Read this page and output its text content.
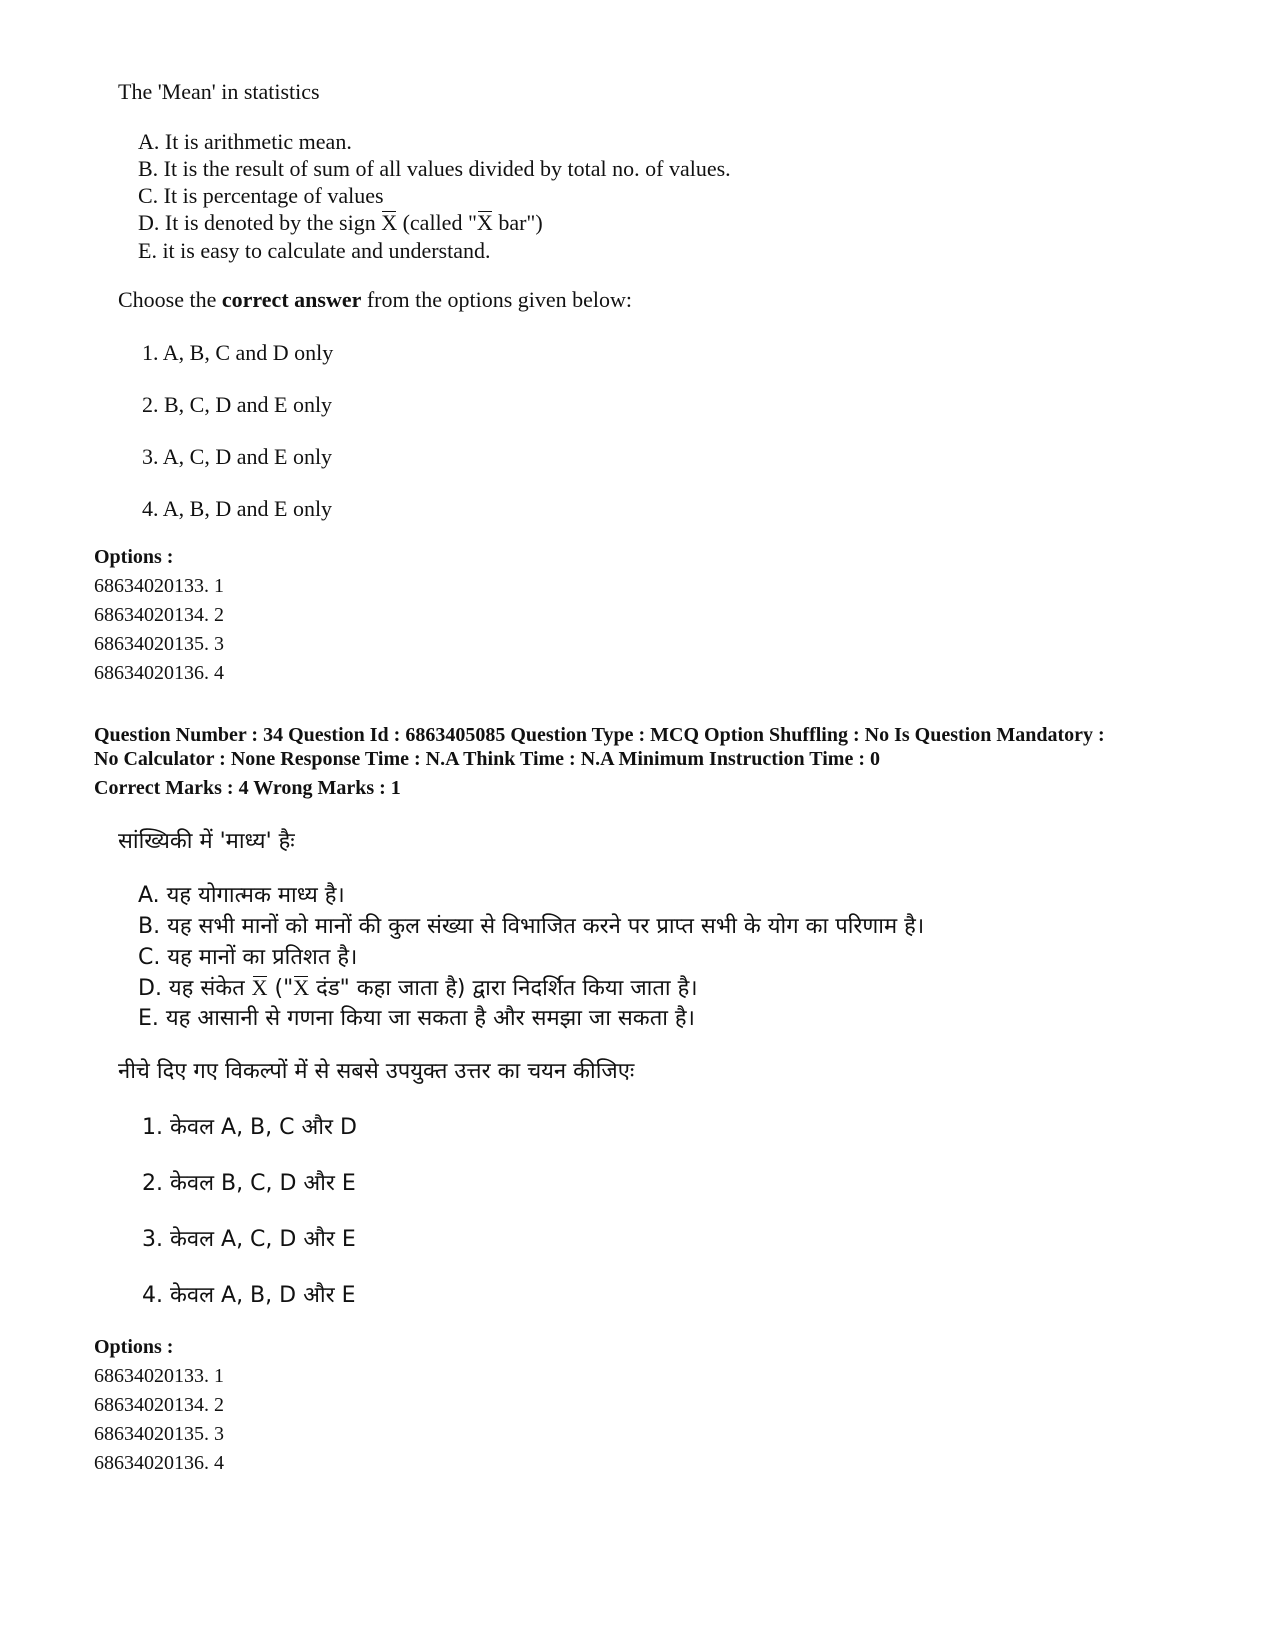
The 'Mean' in statistics
A. It is arithmetic mean.
B. It is the result of sum of all values divided by total no. of values.
C. It is percentage of values
D. It is denoted by the sign X (called "X bar")
E. it is easy to calculate and understand.
Choose the correct answer from the options given below:
1. A, B, C and D only
2. B, C, D and E only
3. A, C, D and E only
4. A, B, D and E only
Options :
68634020133. 1
68634020134. 2
68634020135. 3
68634020136. 4
Question Number : 34 Question Id : 6863405085 Question Type : MCQ Option Shuffling : No Is Question Mandatory :
No Calculator : None Response Time : N.A Think Time : N.A Minimum Instruction Time : 0
Correct Marks : 4 Wrong Marks : 1
सांख्यिकी में 'माध्य' हैः
A. यह योगात्मक माध्य है।
B. यह सभी मानों को मानों की कुल संख्या से विभाजित करने पर प्राप्त सभी के योग का परिणाम है।
C. यह मानों का प्रतिशत है।
D. यह संकेत X ("X दंड" कहा जाता है) द्वारा निदर्शित किया जाता है।
E. यह आसानी से गणना किया जा सकता है और समझा जा सकता है।
नीचे दिए गए विकल्पों में से सबसे उपयुक्त उत्तर का चयन कीजिएः
1. केवल A, B, C और D
2. केवल B, C, D और E
3. केवल A, C, D और E
4. केवल A, B, D और E
Options :
68634020133. 1
68634020134. 2
68634020135. 3
68634020136. 4
